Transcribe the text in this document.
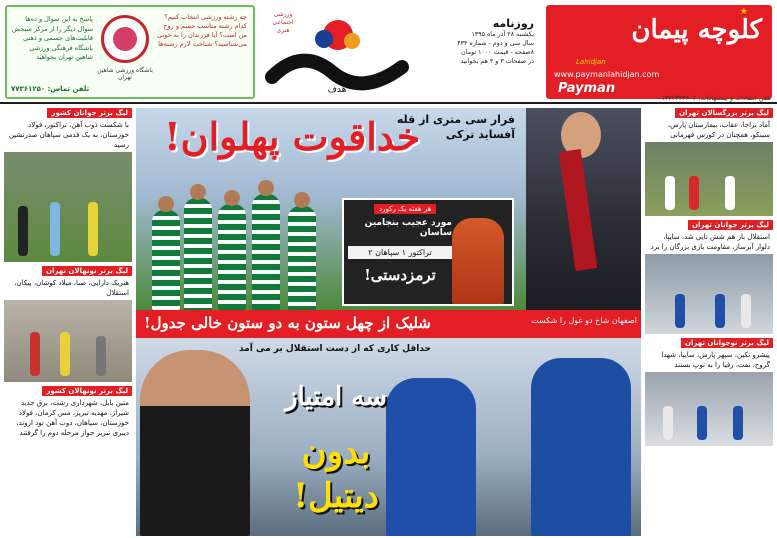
★
کلوچه پیمان
www.paymanlahidjan.com
Lahidjan
Payman
تلفن انتقادات و پیشنهادات: ۰۱۳۴۲۳۴۳۶۰۲
هدف
ورزشی اجتماعی هنری
روزنامه
یکشنبه ۲۸ آذر ماه ۱۳۹۵
سال سی و دوم - شماره ۴۳۴
۸صفحه - قیمت ۱۰۰۰ تومان
در صفحات ۳ و ۴ هم بخوانید
چه رشته ورزشی انتخاب کنیم؟ کدام رشته مناسب جسم و روح من است؟ آیا فرزندان را به خوبی می‌شناسید؟ شناخت لازم رشته‌ها
باشگاه ورزشی شاهین تهران
پاسخ به این سوال و ده‌ها سوال دیگر را از مرکز سنجش قابلیت‌های جسمی و ذهنی باشگاه فرهنگی ورزشی شاهین تهران بخواهید
تلفن تماس: ۷۷۳۶۱۲۵۰
لیگ برتر بزرگسالان تهران
آماد نزاجا، عقاب، بیمارستان پارس، سینکو، همچنان در کورس قهرمانی
لیگ برتر جوانان تهران
استقلال باز هم شش تایی شد، سایپا، دلوار آبرساز، مقاومت بازی بزرگان را برد
لیگ برتر نوجوانان تهران
پیشرو تکین، سپهر پارس، سایپا، شهدا گروح، نفت، رفیا را به توپ بستند
لیگ برتر جوانان کشور
با شکست ذوب آهن، تراکتور، فولاد خوزستان، به یک قدمی سپاهان صدرنشین رسید
لیگ برتر نونهالان تهران
هتریک دارایی، صبا، میلاد کوشان، پیکان، استقلال
لیگ برتر نونهالان کشور
متین بابل، شهرداری رشت، برق جدید شیراز، مهدیه تبریز، مس کرمان، فولاد خوزستان، سپاهان، ذوب آهن نود اروند، دیبری تبریز جواز مرحله دوم را گرفتند
فرار سی متری از قله آفساید ترکی
خداقوت پهلوان!
هر هفته یک رکورد
مورد عجیب بنجامین ساسان
تراکتور ۱ سپاهان ۲
ترمزدستی!
اصفهان شاخ دو غول را شکست
شلیک از چهل ستون به دو ستون خالی جدول!
حداقل کاری که از دست استقلال بر می آمد
سه امتیاز
بدون
دیتیل!
